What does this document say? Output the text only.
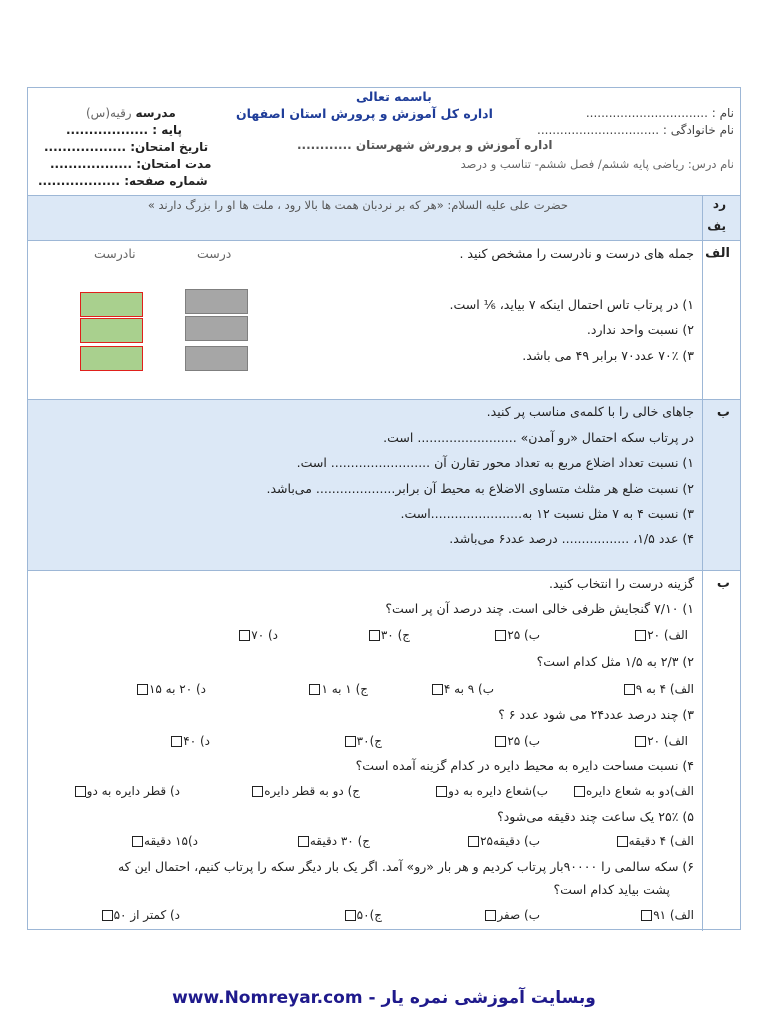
باسمه تعالی
اداره کل آموزش و پرورش استان اصفهان
اداره آموزش و پرورش شهرستان ............
نام : ................................
نام خانوادگی : ................................
نام درس: ریاضی پایه ششم/ فصل ششم- تناسب و درصد
مدرسه رقیه(س)
پایه : ..................
تاریخ امتحان: ..................
مدت امتحان: ..................
شماره صفحه: ..................
رد
یف
حضرت علی علیه السلام: «هر که بر نردبان همت ها بالا رود ، ملت ها او را بزرگ دارند »
الف
جمله های درست و نادرست را مشخص کنید .
درست
نادرست
۱) در پرتاب تاس احتمال اینکه ۷ بیاید، ⅙ است.
۲) نسبت واحد ندارد.
۳) ۷۰٪ عدد۷۰ برابر ۴۹ می باشد.
ب
جاهای خالی را با کلمه‌ی مناسب پر کنید.
در پرتاب سکه احتمال «رو آمدن» ......................... است.
۱) نسبت تعداد اضلاع مربع به تعداد محور تقارن آن ......................... است.
۲) نسبت ضلع هر مثلث متساوی الاضلاع به محیط آن برابر.................... می‌باشد.
۳) نسبت ۴ به ۷ مثل نسبت ۱۲ به.......................است.
۴) عدد ۱/۵، ................. درصد عدد۶ می‌باشد.
ب
گزینه درست را انتخاب کنید.
۱) ۷/۱۰ گنجایش ظرفی خالی است. چند درصد آن پر است؟
الف) ۲۰
ب) ۲۵
ج) ۳۰
د) ۷۰
۲) ۲/۳ به ۱/۵ مثل کدام است؟
الف) ۴ به ۹
ب) ۹ به ۴
ج) ۱ به ۱
د) ۲۰ به ۱۵
۳) چند درصد عدد۲۴ می شود عدد ۶ ؟
الف) ۲۰
ب) ۲۵
ج)۳۰
د) ۴۰
۴) نسبت مساحت دایره به محیط دایره در کدام گزینه آمده است؟
الف)دو به شعاع دایره
ب)شعاع دایره به دو
ج) دو به قطر دایره
د) قطر دایره به دو
۵) ۲۵٪ یک ساعت چند دقیقه می‌شود؟
الف) ۴ دقیقه
ب) دقیقه۲۵
ج) ۳۰ دقیقه
د)۱۵ دقیقه
۶) سکه سالمی را ۹۰۰۰۰بار پرتاب کردیم و هر بار «رو» آمد. اگر یک بار دیگر سکه را پرتاب کنیم، احتمال این که
پشت بیاید کدام است؟
الف) ۹۱
ب) صفر
ج)۵۰
د) کمتر از ۵۰
www.Nomreyar.com - وبسایت آموزشی نمره یار
